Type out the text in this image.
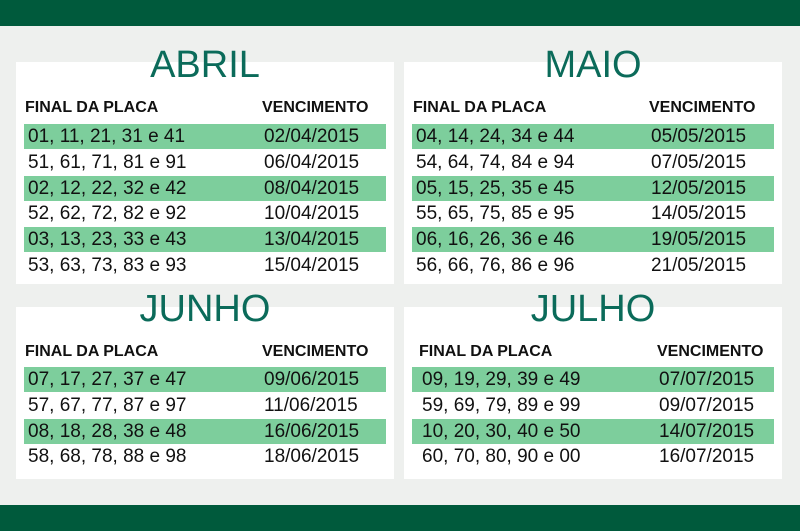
ABRIL
FINAL DA PLACA	VENCIMENTO
01, 11, 21, 31 e 41	02/04/2015
51, 61, 71, 81 e 91	06/04/2015
02, 12, 22, 32 e 42	08/04/2015
52, 62, 72, 82 e 92	10/04/2015
03, 13, 23, 33 e 43	13/04/2015
53, 63, 73, 83 e 93	15/04/2015
MAIO
FINAL DA PLACA	VENCIMENTO
04, 14, 24, 34 e 44	05/05/2015
54, 64, 74, 84 e 94	07/05/2015
05, 15, 25, 35 e 45	12/05/2015
55, 65, 75, 85 e 95	14/05/2015
06, 16, 26, 36 e 46	19/05/2015
56, 66, 76, 86 e 96	21/05/2015
JUNHO
FINAL DA PLACA	VENCIMENTO
07, 17, 27, 37 e 47	09/06/2015
57, 67, 77, 87 e 97	11/06/2015
08, 18, 28, 38 e 48	16/06/2015
58, 68, 78, 88 e 98	18/06/2015
JULHO
FINAL DA PLACA	VENCIMENTO
09, 19, 29, 39 e 49	07/07/2015
59, 69, 79, 89 e 99	09/07/2015
10, 20, 30, 40 e 50	14/07/2015
60, 70, 80, 90 e 00	16/07/2015
